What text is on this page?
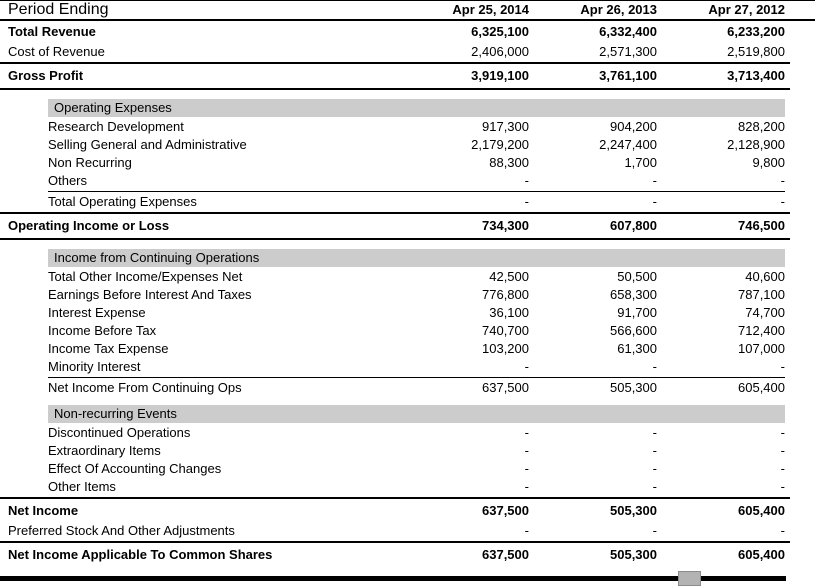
Period Ending	Apr 25, 2014	Apr 26, 2013	Apr 27, 2012
Total Revenue	6,325,100	6,332,400	6,233,200
Cost of Revenue	2,406,000	2,571,300	2,519,800
Gross Profit	3,919,100	3,761,100	3,713,400
Operating Expenses
Research Development	917,300	904,200	828,200
Selling General and Administrative	2,179,200	2,247,400	2,128,900
Non Recurring	88,300	1,700	9,800
Others	-	-	-
Total Operating Expenses	-	-	-
Operating Income or Loss	734,300	607,800	746,500
Income from Continuing Operations
Total Other Income/Expenses Net	42,500	50,500	40,600
Earnings Before Interest And Taxes	776,800	658,300	787,100
Interest Expense	36,100	91,700	74,700
Income Before Tax	740,700	566,600	712,400
Income Tax Expense	103,200	61,300	107,000
Minority Interest	-	-	-
Net Income From Continuing Ops	637,500	505,300	605,400
Non-recurring Events
Discontinued Operations	-	-	-
Extraordinary Items	-	-	-
Effect Of Accounting Changes	-	-	-
Other Items	-	-	-
Net Income	637,500	505,300	605,400
Preferred Stock And Other Adjustments	-	-	-
Net Income Applicable To Common Shares	637,500	505,300	605,400
